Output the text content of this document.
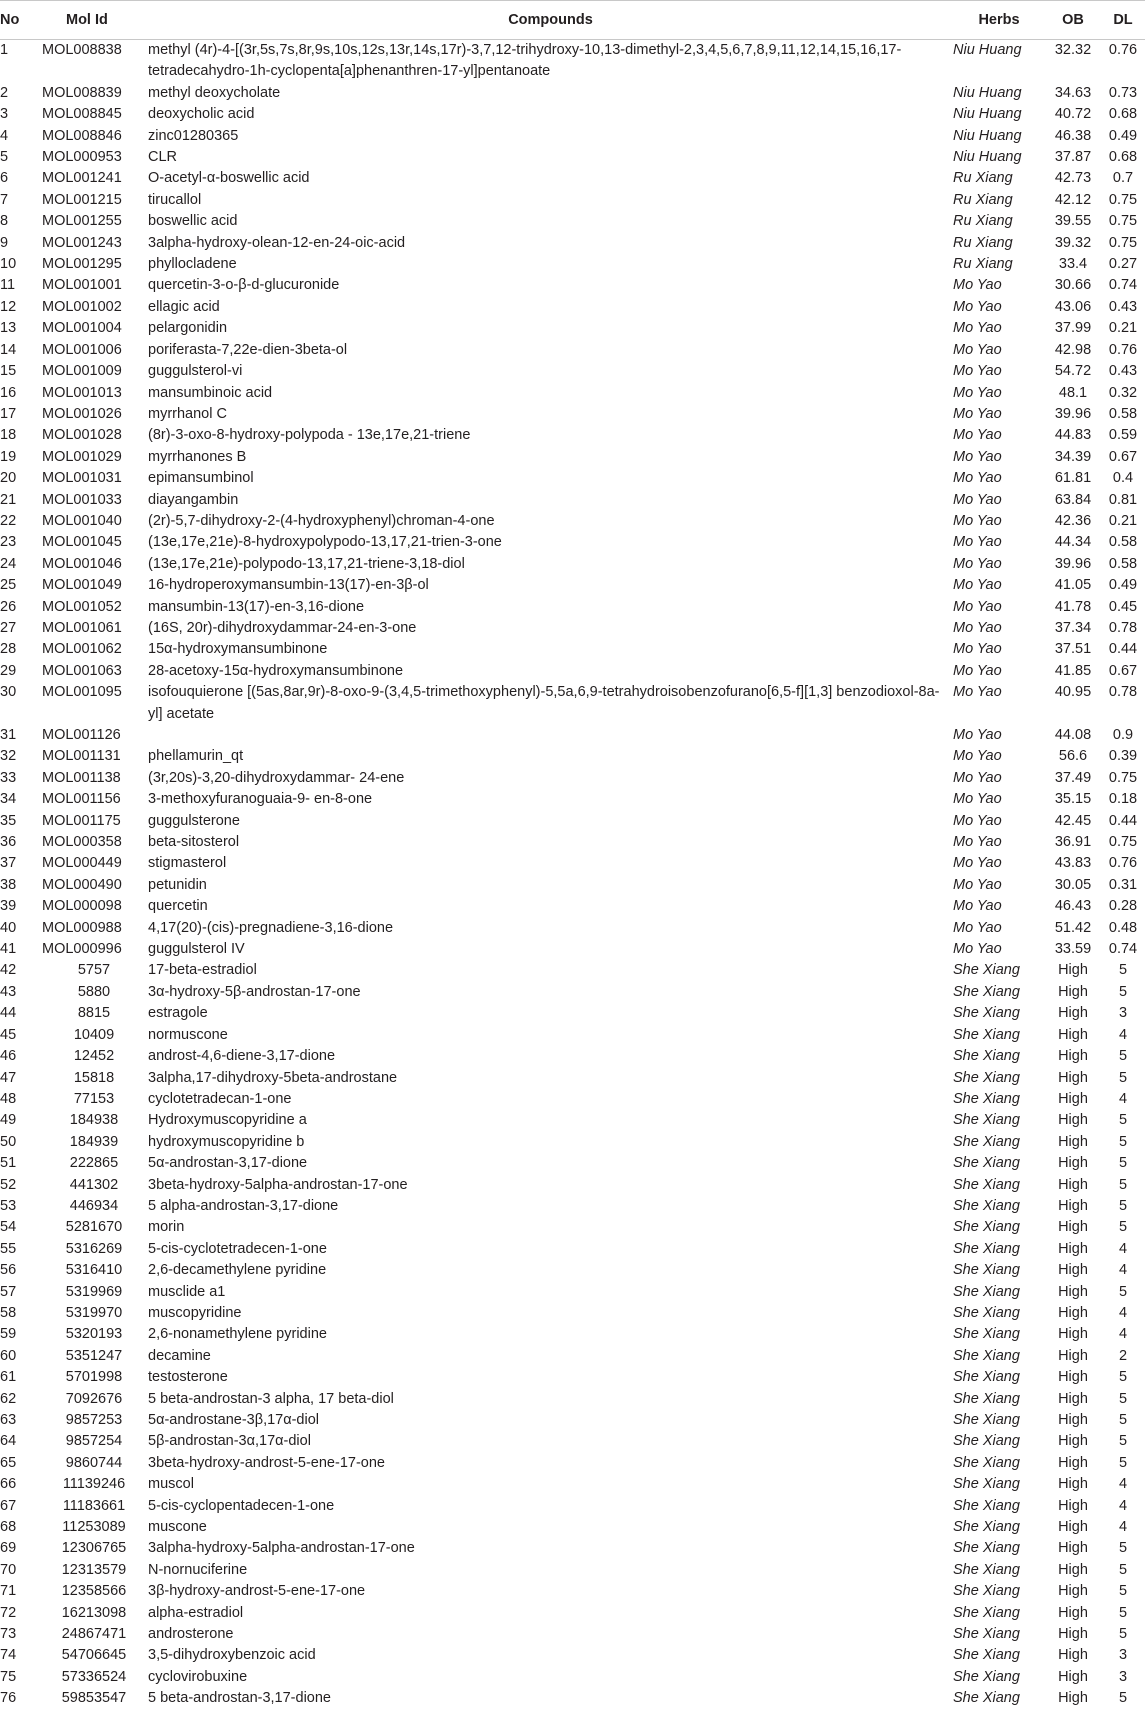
No	Mol Id	Compounds	Herbs	OB	DL
1	MOL008838	methyl (4r)-4-[(3r,5s,7s,8r,9s,10s,12s,13r,14s,17r)-3,7,12-trihydroxy-10,13-dimethyl-2,3,4,5,6,7,8,9,11,12,14,15,16,17-tetradecahydro-1h-cyclopenta[a]phenanthren-17-yl]pentanoate	Niu Huang	32.32	0.76
2	MOL008839	methyl deoxycholate	Niu Huang	34.63	0.73
3	MOL008845	deoxycholic acid	Niu Huang	40.72	0.68
4	MOL008846	zinc01280365	Niu Huang	46.38	0.49
5	MOL000953	CLR	Niu Huang	37.87	0.68
6	MOL001241	O-acetyl-α-boswellic acid	Ru Xiang	42.73	0.7
7	MOL001215	tirucallol	Ru Xiang	42.12	0.75
8	MOL001255	boswellic acid	Ru Xiang	39.55	0.75
9	MOL001243	3alpha-hydroxy-olean-12-en-24-oic-acid	Ru Xiang	39.32	0.75
10	MOL001295	phyllocladene	Ru Xiang	33.4	0.27
11	MOL001001	quercetin-3-o-β-d-glucuronide	Mo Yao	30.66	0.74
12	MOL001002	ellagic acid	Mo Yao	43.06	0.43
13	MOL001004	pelargonidin	Mo Yao	37.99	0.21
14	MOL001006	poriferasta-7,22e-dien-3beta-ol	Mo Yao	42.98	0.76
15	MOL001009	guggulsterol-vi	Mo Yao	54.72	0.43
16	MOL001013	mansumbinoic acid	Mo Yao	48.1	0.32
17	MOL001026	myrrhanol C	Mo Yao	39.96	0.58
18	MOL001028	(8r)-3-oxo-8-hydroxy-polypoda - 13e,17e,21-triene	Mo Yao	44.83	0.59
19	MOL001029	myrrhanones B	Mo Yao	34.39	0.67
20	MOL001031	epimansumbinol	Mo Yao	61.81	0.4
21	MOL001033	diayangambin	Mo Yao	63.84	0.81
22	MOL001040	(2r)-5,7-dihydroxy-2-(4-hydroxyphenyl)chroman-4-one	Mo Yao	42.36	0.21
23	MOL001045	(13e,17e,21e)-8-hydroxypolypodo-13,17,21-trien-3-one	Mo Yao	44.34	0.58
24	MOL001046	(13e,17e,21e)-polypodo-13,17,21-triene-3,18-diol	Mo Yao	39.96	0.58
25	MOL001049	16-hydroperoxymansumbin-13(17)-en-3β-ol	Mo Yao	41.05	0.49
26	MOL001052	mansumbin-13(17)-en-3,16-dione	Mo Yao	41.78	0.45
27	MOL001061	(16S, 20r)-dihydroxydammar-24-en-3-one	Mo Yao	37.34	0.78
28	MOL001062	15α-hydroxymansumbinone	Mo Yao	37.51	0.44
29	MOL001063	28-acetoxy-15α-hydroxymansumbinone	Mo Yao	41.85	0.67
30	MOL001095	isofouquierone [(5as,8ar,9r)-8-oxo-9-(3,4,5-trimethoxyphenyl)-5,5a,6,9-tetrahydroisobenzofurano[6,5-f][1,3] benzodioxol-8a-yl] acetate	Mo Yao	40.95	0.78
31	MOL001126		Mo Yao	44.08	0.9
32	MOL001131	phellamurin_qt	Mo Yao	56.6	0.39
33	MOL001138	(3r,20s)-3,20-dihydroxydammar- 24-ene	Mo Yao	37.49	0.75
34	MOL001156	3-methoxyfuranoguaia-9- en-8-one	Mo Yao	35.15	0.18
35	MOL001175	guggulsterone	Mo Yao	42.45	0.44
36	MOL000358	beta-sitosterol	Mo Yao	36.91	0.75
37	MOL000449	stigmasterol	Mo Yao	43.83	0.76
38	MOL000490	petunidin	Mo Yao	30.05	0.31
39	MOL000098	quercetin	Mo Yao	46.43	0.28
40	MOL000988	4,17(20)-(cis)-pregnadiene-3,16-dione	Mo Yao	51.42	0.48
41	MOL000996	guggulsterol IV	Mo Yao	33.59	0.74
42	5757	17-beta-estradiol	She Xiang	High	5
43	5880	3α-hydroxy-5β-androstan-17-one	She Xiang	High	5
44	8815	estragole	She Xiang	High	3
45	10409	normuscone	She Xiang	High	4
46	12452	androst-4,6-diene-3,17-dione	She Xiang	High	5
47	15818	3alpha,17-dihydroxy-5beta-androstane	She Xiang	High	5
48	77153	cyclotetradecan-1-one	She Xiang	High	4
49	184938	Hydroxymuscopyridine a	She Xiang	High	5
50	184939	hydroxymuscopyridine b	She Xiang	High	5
51	222865	5α-androstan-3,17-dione	She Xiang	High	5
52	441302	3beta-hydroxy-5alpha-androstan-17-one	She Xiang	High	5
53	446934	5 alpha-androstan-3,17-dione	She Xiang	High	5
54	5281670	morin	She Xiang	High	5
55	5316269	5-cis-cyclotetradecen-1-one	She Xiang	High	4
56	5316410	2,6-decamethylene pyridine	She Xiang	High	4
57	5319969	musclide a1	She Xiang	High	5
58	5319970	muscopyridine	She Xiang	High	4
59	5320193	2,6-nonamethylene pyridine	She Xiang	High	4
60	5351247	decamine	She Xiang	High	2
61	5701998	testosterone	She Xiang	High	5
62	7092676	5 beta-androstan-3 alpha, 17 beta-diol	She Xiang	High	5
63	9857253	5α-androstane-3β,17α-diol	She Xiang	High	5
64	9857254	5β-androstan-3α,17α-diol	She Xiang	High	5
65	9860744	3beta-hydroxy-androst-5-ene-17-one	She Xiang	High	5
66	11139246	muscol	She Xiang	High	4
67	11183661	5-cis-cyclopentadecen-1-one	She Xiang	High	4
68	11253089	muscone	She Xiang	High	4
69	12306765	3alpha-hydroxy-5alpha-androstan-17-one	She Xiang	High	5
70	12313579	N-nornuciferine	She Xiang	High	5
71	12358566	3β-hydroxy-androst-5-ene-17-one	She Xiang	High	5
72	16213098	alpha-estradiol	She Xiang	High	5
73	24867471	androsterone	She Xiang	High	5
74	54706645	3,5-dihydroxybenzoic acid	She Xiang	High	3
75	57336524	cyclovirobuxine	She Xiang	High	3
76	59853547	5 beta-androstan-3,17-dione	She Xiang	High	5
